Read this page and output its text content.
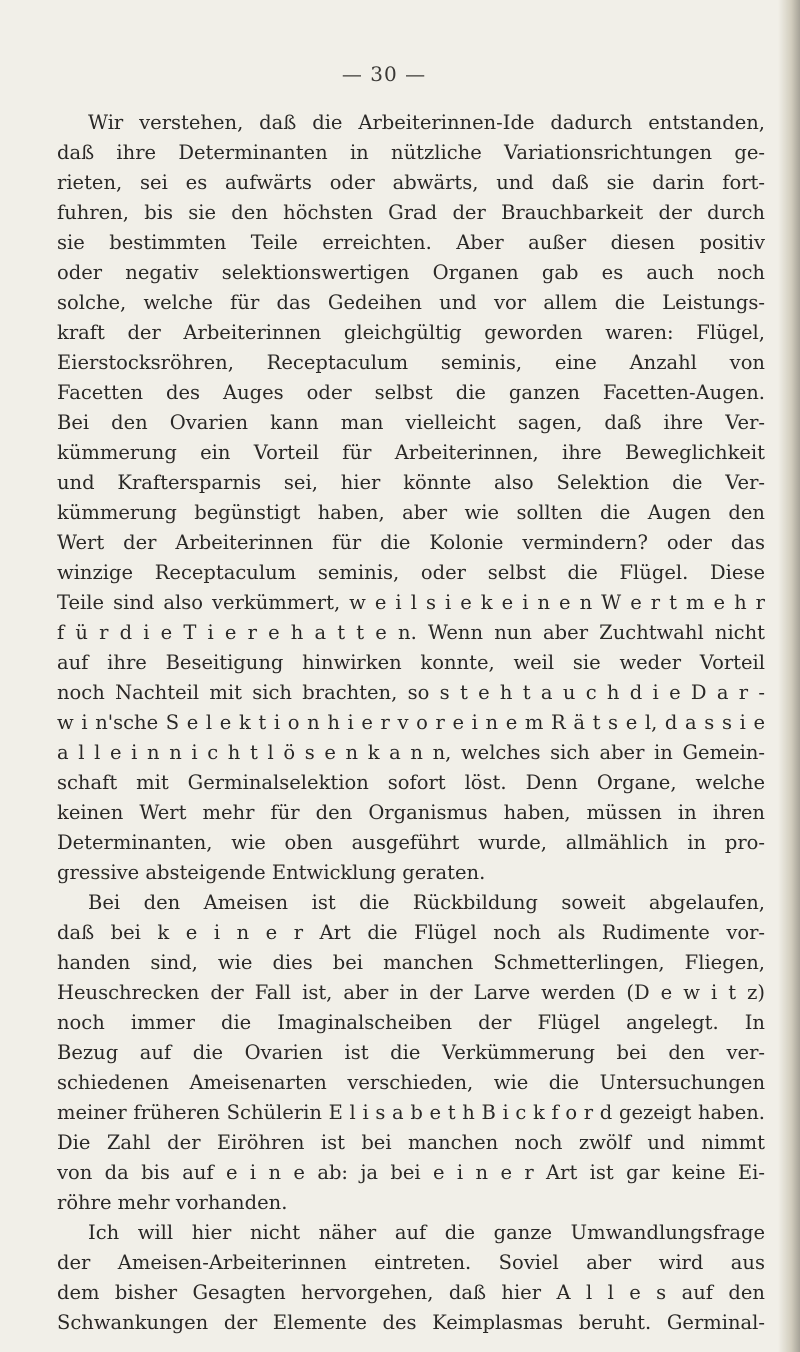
— 30 —
Wir verstehen, daß die Arbeiterinnen-Ide dadurch entstanden,
daß ihre Determinanten in nützliche Variationsrichtungen ge-
rieten, sei es aufwärts oder abwärts, und daß sie darin fort-
fuhren, bis sie den höchsten Grad der Brauchbarkeit der durch
sie bestimmten Teile erreichten. Aber außer diesen positiv
oder negativ selektionswertigen Organen gab es auch noch
solche, welche für das Gedeihen und vor allem die Leistungs-
kraft der Arbeiterinnen gleichgültig geworden waren: Flügel,
Eierstocksröhren, Receptaculum seminis, eine Anzahl von
Facetten des Auges oder selbst die ganzen Facetten-Augen.
Bei den Ovarien kann man vielleicht sagen, daß ihre Ver-
kümmerung ein Vorteil für Arbeiterinnen, ihre Beweglichkeit
und Kraftersparnis sei, hier könnte also Selektion die Ver-
kümmerung begünstigt haben, aber wie sollten die Augen den
Wert der Arbeiterinnen für die Kolonie vermindern? oder das
winzige Receptaculum seminis, oder selbst die Flügel. Diese
Teile sind also verkümmert, w e i l s i e k e i n e n W e r t m e h r
f ü r d i e T i e r e h a t t e n. Wenn nun aber Zuchtwahl nicht
auf ihre Beseitigung hinwirken konnte, weil sie weder Vorteil
noch Nachteil mit sich brachten, so s t e h t a u c h d i e D a r -
w i n'sche S e l e k t i o n h i e r v o r e i n e m R ä t s e l, d a s s i e
a l l e i n n i c h t l ö s e n k a n n, welches sich aber in Gemein-
schaft mit Germinalselektion sofort löst. Denn Organe, welche
keinen Wert mehr für den Organismus haben, müssen in ihren
Determinanten, wie oben ausgeführt wurde, allmählich in pro-
gressive absteigende Entwicklung geraten.
Bei den Ameisen ist die Rückbildung soweit abgelaufen,
daß bei k e i n e r Art die Flügel noch als Rudimente vor-
handen sind, wie dies bei manchen Schmetterlingen, Fliegen,
Heuschrecken der Fall ist, aber in der Larve werden (D e w i t z)
noch immer die Imaginalscheiben der Flügel angelegt. In
Bezug auf die Ovarien ist die Verkümmerung bei den ver-
schiedenen Ameisenarten verschieden, wie die Untersuchungen
meiner früheren Schülerin E l i s a b e t h B i c k f o r d gezeigt haben.
Die Zahl der Eiröhren ist bei manchen noch zwölf und nimmt
von da bis auf e i n e ab: ja bei e i n e r Art ist gar keine Ei-
röhre mehr vorhanden.
Ich will hier nicht näher auf die ganze Umwandlungsfrage
der Ameisen-Arbeiterinnen eintreten. Soviel aber wird aus
dem bisher Gesagten hervorgehen, daß hier A l l e s auf den
Schwankungen der Elemente des Keimplasmas beruht. Germinal-
